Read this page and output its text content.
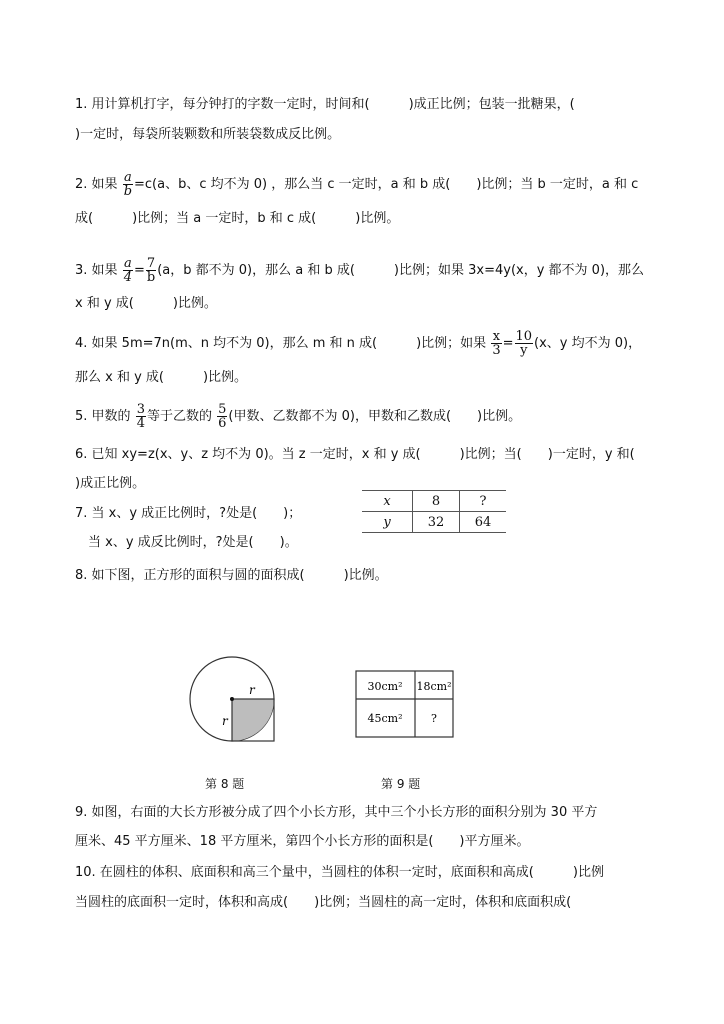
1. 用计算机打字，每分钟打的字数一定时，时间和(　　　)成正比例；包装一批糖果，(
)一定时，每袋所装颗数和所装袋数成反比例。
2. 如果 $\frac{a}{b} =c(a$、b、c 均不为 0) ，那么当 c 一定时，a 和 b 成(　　)比例；当 b 一定时，a 和 c
成(　　　)比例；当 a 一定时，b 和 c 成(　　　)比例。
3. 如果 $\frac{a}{4} = \frac{7}{b} (a$，b 都不为 0)，那么 a 和 b 成(　　　)比例；如果 3x=4y(x，y 都不为 0)，那么
x 和 y 成(　　　)比例。
4. 如果 5m=7n(m、n 均不为 0)，那么 m 和 n 成(　　　)比例；如果 $\frac{x}{3} = \frac{10}{y} (x$、y 均不为 0)，
那么 x 和 y 成(　　　)比例。
5. 甲数的 $\frac{3}{4}$ 等于乙数的 $\frac{5}{6}$ (甲数、乙数都不为 0)，甲数和乙数成(　　)比例。
6. 已知 xy=z(x、y、z 均不为 0)。当 z 一定时，x 和 y 成(　　　)比例；当(　　)一定时，y 和(
)成正比例。
7. 当 x、y 成正比例时，?处是(　　)；
　当 x、y 成反比例时，?处是(　　)。
x	8	?
y	32	64
8. 如下图，正方形的面积与圆的面积成(　　　)比例。
r
r
30cm² 18cm²
45cm²	?
第 8 题	第 9 题
9. 如图，右面的大长方形被分成了四个小长方形，其中三个小长方形的面积分别为 30 平方
厘米、45 平方厘米、18 平方厘米，第四个小长方形的面积是(　　)平方厘米。
10. 在圆柱的体积、底面积和高三个量中，当圆柱的体积一定时，底面积和高成(　　　)比例
当圆柱的底面积一定时，体积和高成(　　)比例；当圆柱的高一定时，体积和底面积成(
